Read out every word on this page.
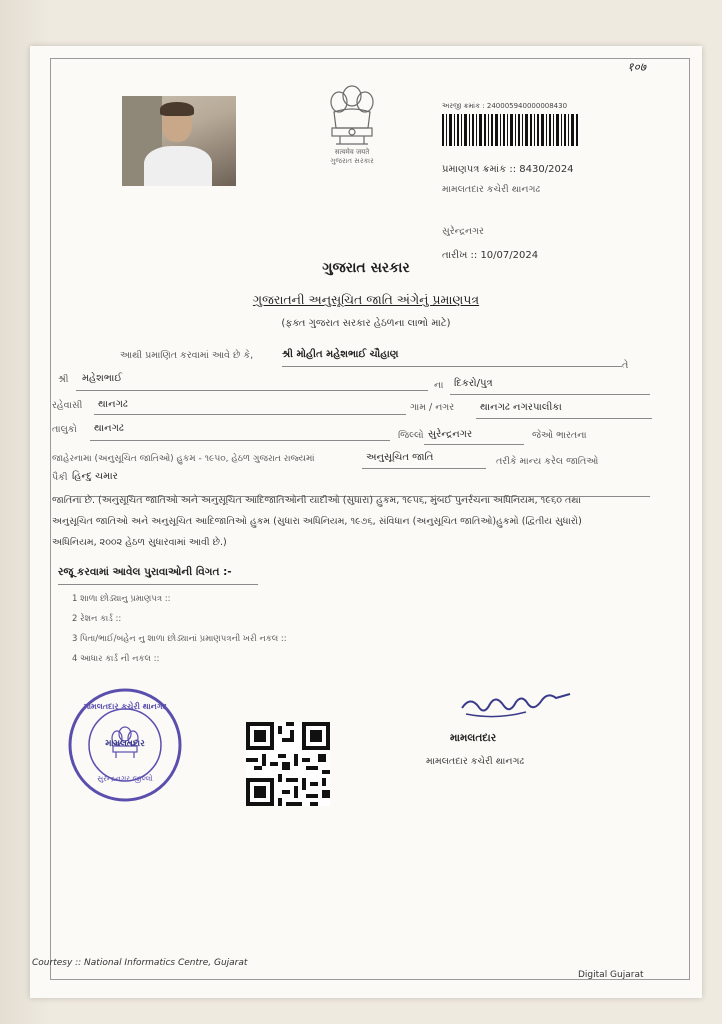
१०७
सत्यमेव जयते
ગુજરાત સરકાર
અરજી ક્રમાંક : 240005940000008430
પ્રમાણપત્ર ક્રમાંક :: 8430/2024
મામલતદાર કચેરી થાનગઢ
સુરેન્દ્રનગર
તારીખ :: 10/07/2024
ગુજરાત સરકાર
ગુજરાતની અનુસૂચિત જાતિ અંગેનું પ્રમાણપત્ર
(ફક્ત ગુજરાત સરકાર હેઠળના લાભો માટે)
આથી પ્રમાણિત કરવામાં આવે છે કે,	શ્રી મોહીત મહેશભાઈ ચૌહાણ
તે
શ્રી મહેશભાઈ
ના દિકરો/પુત્ર
રહેવાસી થાનગઢ	ગામ / નગર	થાનગઢ નગરપાલીકા
તાલુકો થાનગઢ
જિલ્લો સુરેન્દ્રનગર	જેઓ ભારતના
જાહેરનામા (અનુસૂચિત જાતિઓ) હુકમ - ૧૯૫૦, હેઠળ ગુજરાત રાજ્યમાં	અનુસૂચિત જાતિ	તરીકે માન્ય કરેલ જાતિઓ
પૈકી હિન્દુ ચમાર
જાતિના છે. (અનુસૂચિત જાતિઓ અને અનુસૂચિત આદિજાતિઓની યાદીઓ (સુધારા) હુકમ, ૧૯૫૬, મુંબઈ પુનર્રચના અધિનિયમ, ૧૯૬૦ તથા
અનુસૂચિત જાતિઓ અને અનુસૂચિત આદિજાતિઓ હુકમ (સુધારા અધિનિયમ, ૧૯૭૬, સંવિધાન (અનુસૂચિત જાતિઓ)હુકમો (દ્વિતીય સુધારો)
અધિનિયમ, ૨૦૦૨ હેઠળ સુધારવામાં આવી છે.)
રજૂ કરવામાં આવેલ પુરાવાઓની વિગત :-
1 શાળા છોડ્યાનુ પ્રમાણપત્ર ::
2 રેશન કાર્ડ ::
3 પિતા/ભાઈ/બહેન નુ શાળા છોડ્યાનાં પ્રમાણપત્રની ખરી નકલ ::
4 આધાર કાર્ડ ની નકલ ::
મામલતદાર કચેરી થાનગઢ
સુરેન્દ્રનગર જીલ્લો
મામલતદાર	મામલતદાર
મામલતદાર કચેરી થાનગઢ
Courtesy :: National Informatics Centre, Gujarat
Digital Gujarat
